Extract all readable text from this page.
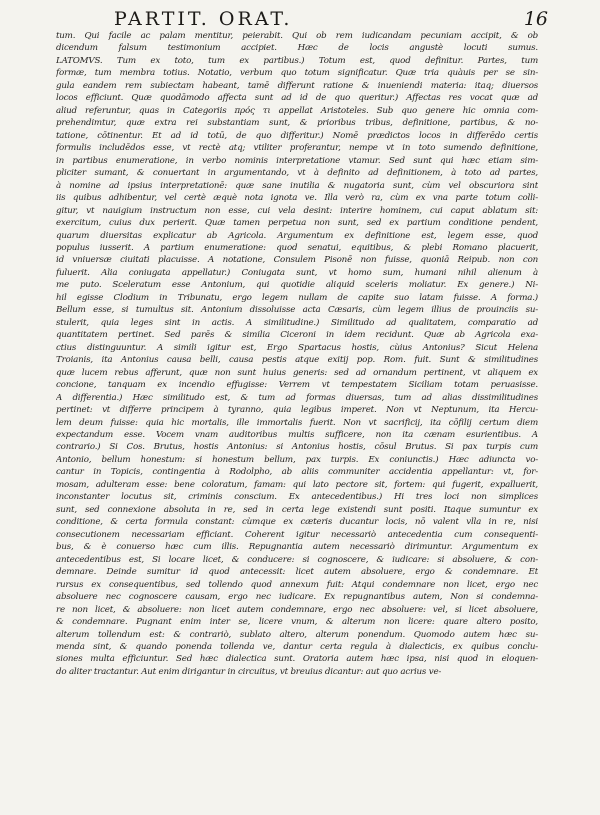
PARTIT. ORAT.	16
tum. Qui facile ac palam mentitur, peierabit. Qui ob rem iudicandam pecuniam accipit, & ob
dicendum falsum testimonium accipiet. Hæc de locis angustè locuti sumus.
LATOMVS. Tum ex toto, tum ex partibus.) Totum est, quod definitur. Partes, tum
formæ, tum membra totius. Notatio, verbum quo totum significatur. Quæ tria quàuis per se sin-
gula eandem rem subiectam habeant, tamē differunt ratione & inueniendi materia: itaq; diuersos
locos efficiunt. Quæ quodāmodo affecta sunt ad id de quo queritur.) Affectas res vocat quæ ad
aliud referuntur, quas in Categoriis πρός τι appellat Aristoteles. Sub quo genere hic omnia com-
prehendimtur, quæ extra rei substantiam sunt, & prioribus tribus, definitione, partibus, & no-
tatione, cōtinentur. Et ad id totū, de quo differitur.) Nomē prædictos locos in differēdo certis
formulis includēdos esse, vt rectè atq; vtiliter proferantur, nempe vt in toto sumendo definitione,
in partibus enumeratione, in verbo nominis interpretatione vtamur. Sed sunt qui hæc etiam sim-
pliciter sumant, & conuertant in argumentando, vt à definito ad definitionem, à toto ad partes,
à nomine ad ipsius interpretationē: quæ sane inutilia & nugatoria sunt, cùm vel obscuriora sint
iis quibus adhibentur, vel certè æquè nota ignota ve. Illa verò ra, cùm ex vna parte totum colli-
gitur, vt nauigium instructum non esse, cui vela desint: interire hominem, cui caput ablatum sit:
exercitum, cuius dux perierit. Quæ tamen perpetua non sunt, sed ex partium conditione pendent,
quarum diuersitas explicatur ab Agricola. Argumentum ex definitione est, legem esse, quod
populus iusserit. A partium enumeratione: quod senatui, equitibus, & plebi Romano placuerit,
id vniuersæ ciuitati placuisse. A notatione, Consulem Pisonē non fuisse, quoniā Reipub. non con
fuluerit. Alia coniugata appellatur.) Coniugata sunt, vt homo sum, humani nihil alienum à
me puto. Sceleratum esse Antonium, qui quotidie aliquid sceleris moliatur. Ex genere.) Ni-
hil egisse Clodium in Tribunatu, ergo legem nullam de capite suo latam fuisse. A forma.)
Bellum esse, si tumultus sit. Antonium dissoluisse acta Cæsaris, cùm legem illius de prouinciis su-
stulerit, quia leges sint in actis. A similitudine.) Similitudo ad qualitatem, comparatio ad
quantitatem pertinet. Sed parēs & similia Ciceroni in idem recidunt. Quæ ab Agricola exa-
ctius distinguuntur. A simili igitur est, Ergo Spartacus hostis, cùius Antonius? Sicut Helena
Troianis, ita Antonius causa belli, causa pestis atque exitij pop. Rom. fuit. Sunt & similitudines
quæ lucem rebus afferunt, quæ non sunt huius generis: sed ad ornandum pertinent, vt aliquem ex
concione, tanquam ex incendio effugisse: Verrem vt tempestatem Siciliam totam peruasisse.
A differentia.) Hæc similitudo est, & tum ad formas diuersas, tum ad alias dissimilitudines
pertinet: vt differre principem à tyranno, quia legibus imperet. Non vt Neptunum, ita Hercu-
lem deum fuisse: quia hic mortalis, ille immortalis fuerit. Non vt sacrificij, ita cōfilij certum diem
expectandum esse. Vocem vnam auditoribus multis sufficere, non ita cænam esurientibus. A
contrario.) Si Cos. Brutus, hostis Antonius: si Antonius hostis, cōsul Brutus. Si pax turpis cum
Antonio, bellum honestum: si honestum bellum, pax turpis. Ex coniunctis.) Hæc adiuncta vo-
cantur in Topicis, contingentia à Rodolpho, ab aliis communiter accidentia appellantur: vt, for-
mosam, adulteram esse: bene coloratum, famam: qui lato pectore sit, fortem: qui fugerit, expalluerit,
inconstanter locutus sit, criminis conscium. Ex antecedentibus.) Hi tres loci non simplices
sunt, sed connexione absoluta in re, sed in certa lege existendi sunt positi. Itaque sumuntur ex
conditione, & certa formula constant: cùmque ex cæteris ducantur locis, nō valent vlla in re, nisi
consecutionem necessariam efficiant. Coherent igitur necessariò antecedentia cum consequenti-
bus, & è conuerso hæc cum illis. Repugnantia autem necessariò dirimuntur. Argumentum ex
antecedentibus est, Si locare licet, & conducere: si cognoscere, & iudicare: si absoluere, & con-
demnare. Deinde sumitur id quod antecessit: licet autem absoluere, ergo & condemnare. Et
rursus ex consequentibus, sed tollendo quod annexum fuit: Atqui condemnare non licet, ergo nec
absoluere nec cognoscere causam, ergo nec iudicare. Ex repugnantibus autem, Non si condemna-
re non licet, & absoluere: non licet autem condemnare, ergo nec absoluere: vel, si licet absoluere,
& condemnare. Pugnant enim inter se, licere vnum, & alterum non licere: quare altero posito,
alterum tollendum est: & contrariò, sublato altero, alterum ponendum. Quomodo autem hæc su-
menda sint, & quando ponenda tollenda ve, dantur certa regula à dialecticis, ex quibus conclu-
siones multa efficiuntur. Sed hæc dialectica sunt. Oratoria autem hæc ipsa, nisi quod in eloquen-
do aliter tractantur. Aut enim dirigantur in circuitus, vt breuius dicantur: aut quo acrius ve-
